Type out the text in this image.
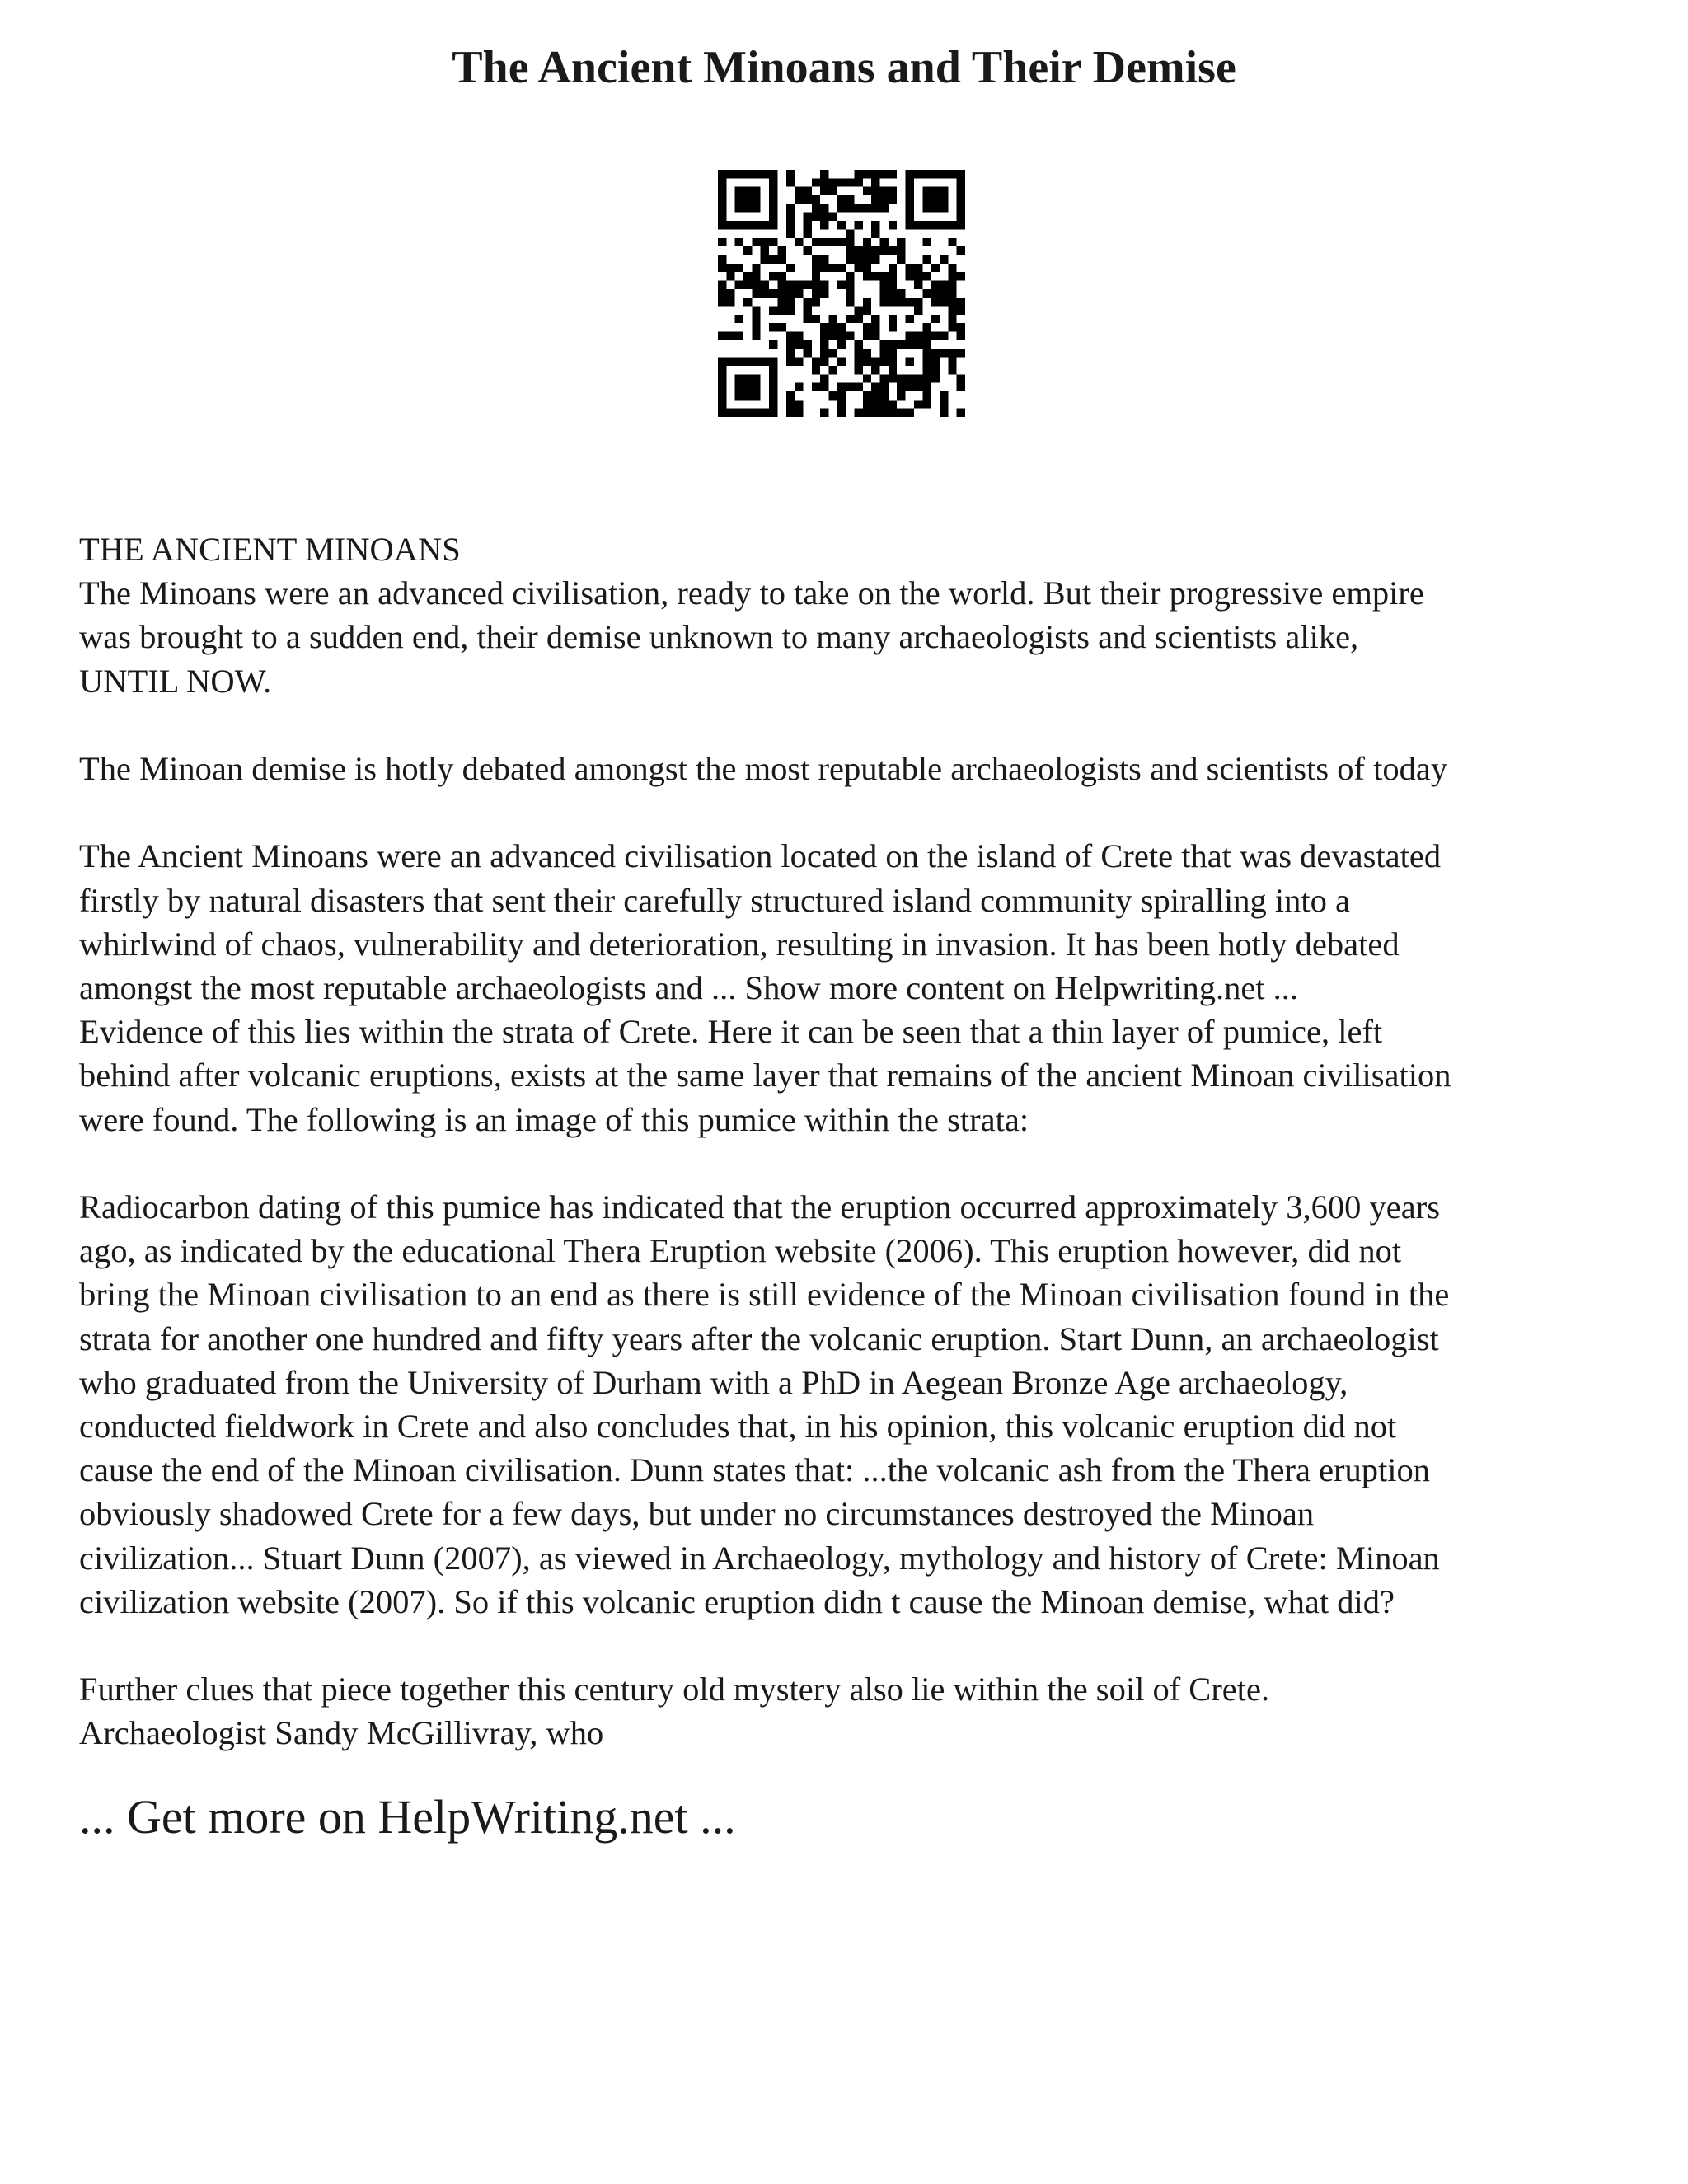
The Ancient Minoans and Their Demise

THE ANCIENT MINOANS
The Minoans were an advanced civilisation, ready to take on the world. But their progressive empire
was brought to a sudden end, their demise unknown to many archaeologists and scientists alike,
UNTIL NOW.

The Minoan demise is hotly debated amongst the most reputable archaeologists and scientists of today

The Ancient Minoans were an advanced civilisation located on the island of Crete that was devastated
firstly by natural disasters that sent their carefully structured island community spiralling into a
whirlwind of chaos, vulnerability and deterioration, resulting in invasion. It has been hotly debated
amongst the most reputable archaeologists and ... Show more content on Helpwriting.net ...
Evidence of this lies within the strata of Crete. Here it can be seen that a thin layer of pumice, left
behind after volcanic eruptions, exists at the same layer that remains of the ancient Minoan civilisation
were found. The following is an image of this pumice within the strata:

Radiocarbon dating of this pumice has indicated that the eruption occurred approximately 3,600 years
ago, as indicated by the educational Thera Eruption website (2006). This eruption however, did not
bring the Minoan civilisation to an end as there is still evidence of the Minoan civilisation found in the
strata for another one hundred and fifty years after the volcanic eruption. Start Dunn, an archaeologist
who graduated from the University of Durham with a PhD in Aegean Bronze Age archaeology,
conducted fieldwork in Crete and also concludes that, in his opinion, this volcanic eruption did not
cause the end of the Minoan civilisation. Dunn states that: ...the volcanic ash from the Thera eruption
obviously shadowed Crete for a few days, but under no circumstances destroyed the Minoan
civilization... Stuart Dunn (2007), as viewed in Archaeology, mythology and history of Crete: Minoan
civilization website (2007). So if this volcanic eruption didn t cause the Minoan demise, what did?

Further clues that piece together this century old mystery also lie within the soil of Crete.
Archaeologist Sandy McGillivray, who

... Get more on HelpWriting.net ...
